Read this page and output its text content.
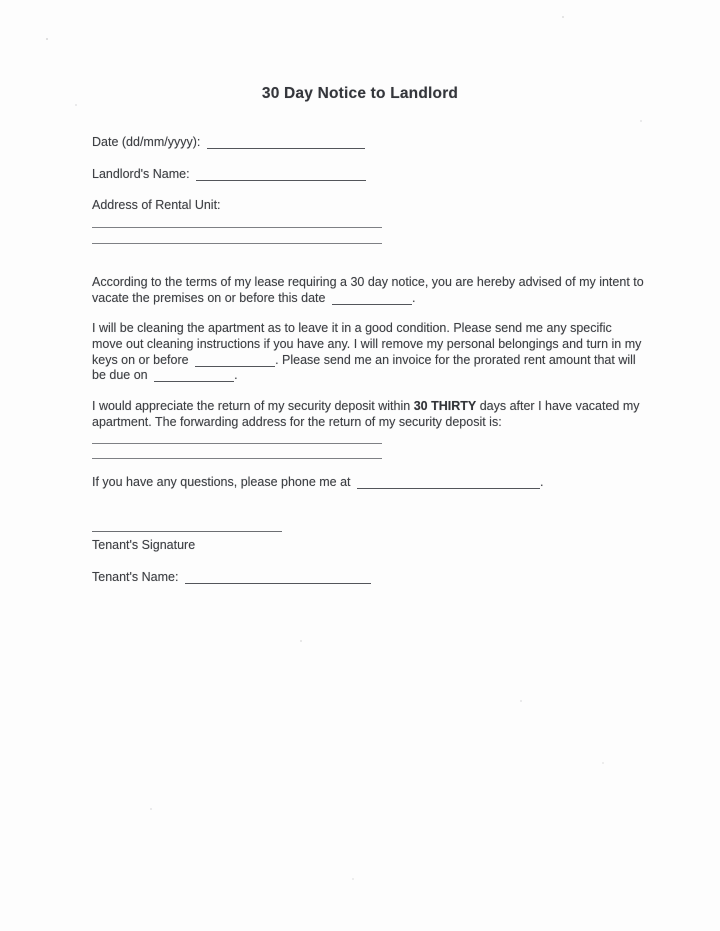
30 Day Notice to Landlord
Date (dd/mm/yyyy):
Landlord's Name:
Address of Rental Unit:

According to the terms of my lease requiring a 30 day notice, you are hereby advised of my intent to vacate the premises on or before this date	.

I will be cleaning the apartment as to leave it in a good condition. Please send me any specific move out cleaning instructions if you have any. I will remove my personal belongings and turn in my keys on or before	. Please send me an invoice for the prorated rent amount that will be due on	.

I would appreciate the return of my security deposit within 30 THIRTY days after I have vacated my apartment. The forwarding address for the return of my security deposit is:

If you have any questions, please phone me at	.
Tenant's Signature
Tenant's Name:
